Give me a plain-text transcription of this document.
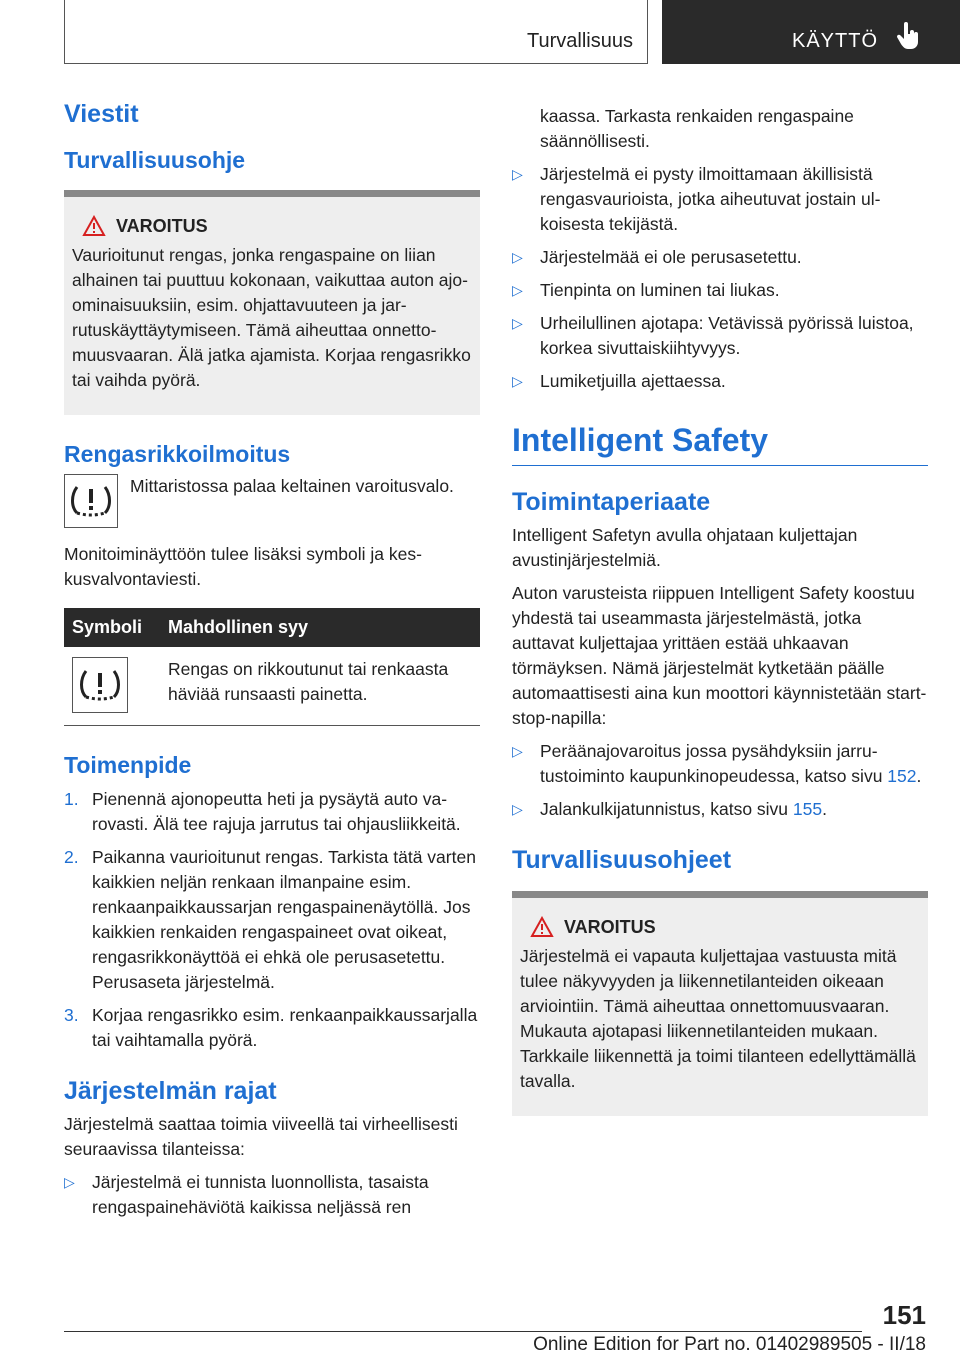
Turvallisuus	KÄYTTÖ
Viestit
Turvallisuusohje
VAROITUS

Vaurioitunut rengas, jonka rengaspaine on liian alhainen tai puuttuu kokonaan, vaikuttaa auton ajo-ominaisuuksiin, esim. ohjattavuuteen ja jarrutuskäyttäytymiseen. Tämä aiheuttaa onnettomuusvaaran. Älä jatka ajamista. Korjaa rengasrikko tai vaihda pyörä.

Rengasrikkoilmoitus

Mittaristossa palaa keltainen varoitusvalo.

Monitoiminäyttöön tulee lisäksi symboli ja keskusvalvontaviesti.

Symboli	Mahdollinen syy

	Rengas on rikkoutunut tai renkaasta häviää runsaasti painetta.
Toimenpide
1. Pienennä ajonopeutta heti ja pysäytä auto varovasti. Älä tee rajuja jarrutus tai ohjausliikkeitä.
2. Paikanna vaurioitunut rengas. Tarkista tätä varten kaikkien neljän renkaan ilmanpaine esim. renkaanpaikkaussarjan rengaspainenäytöllä. Jos kaikkien renkaiden rengaspaineet ovat oikeat, rengasrikkonäyttöä ei ehkä ole perusasetettu. Perusaseta järjestelmä.
3. Korjaa rengasrikko esim. renkaanpaikkaussarjalla tai vaihtamalla pyörä.
Järjestelmän rajat

Järjestelmä saattaa toimia viiveellä tai virheellisesti seuraavissa tilanteissa:

▷ Järjestelmä ei tunnista luonnollista, tasaista rengaspainehäviötä kaikissa neljässä ren

kaassa. Tarkasta renkaiden rengaspaine säännöllisesti.

▷ Järjestelmä ei pysty ilmoittamaan äkillisistä rengasvaurioista, jotka aiheutuvat jostain ulkoisesta tekijästä.
▷ Järjestelmää ei ole perusasetettu.
▷ Tienpinta on luminen tai liukas.
▷ Urheilullinen ajotapa: Vetävissä pyörissä luistoa, korkea sivuttaiskiihtyvyys.
▷ Lumiketjuilla ajettaessa.
Intelligent Safety
Toimintaperiaate

Intelligent Safetyn avulla ohjataan kuljettajan avustinjärjestelmiä.

Auton varusteista riippuen Intelligent Safety koostuu yhdestä tai useammasta järjestelmästä, jotka auttavat kuljettajaa yrittäen estää uhkaavan törmäyksen. Nämä järjestelmät kytketään päälle automaattisesti aina kun moottori käynnistetään start-stop-napilla:

▷ Peräänajovaroitus jossa pysähdyksiin jarrutustoiminto kaupunkinopeudessa, katso sivu 152.
▷ Jalankulkijatunnistus, katso sivu 155.
Turvallisuusohjeet
VAROITUS

Järjestelmä ei vapauta kuljettajaa vastuusta mitä tulee näkyvyyden ja liikennetilanteiden oikeaan arviointiin. Tämä aiheuttaa onnettomuusvaaran. Mukauta ajotapasi liikennetilanteiden mukaan. Tarkkaile liikennettä ja toimi tilanteen edellyttämällä tavalla.

151
Online Edition for Part no. 01402989505 - II/18
